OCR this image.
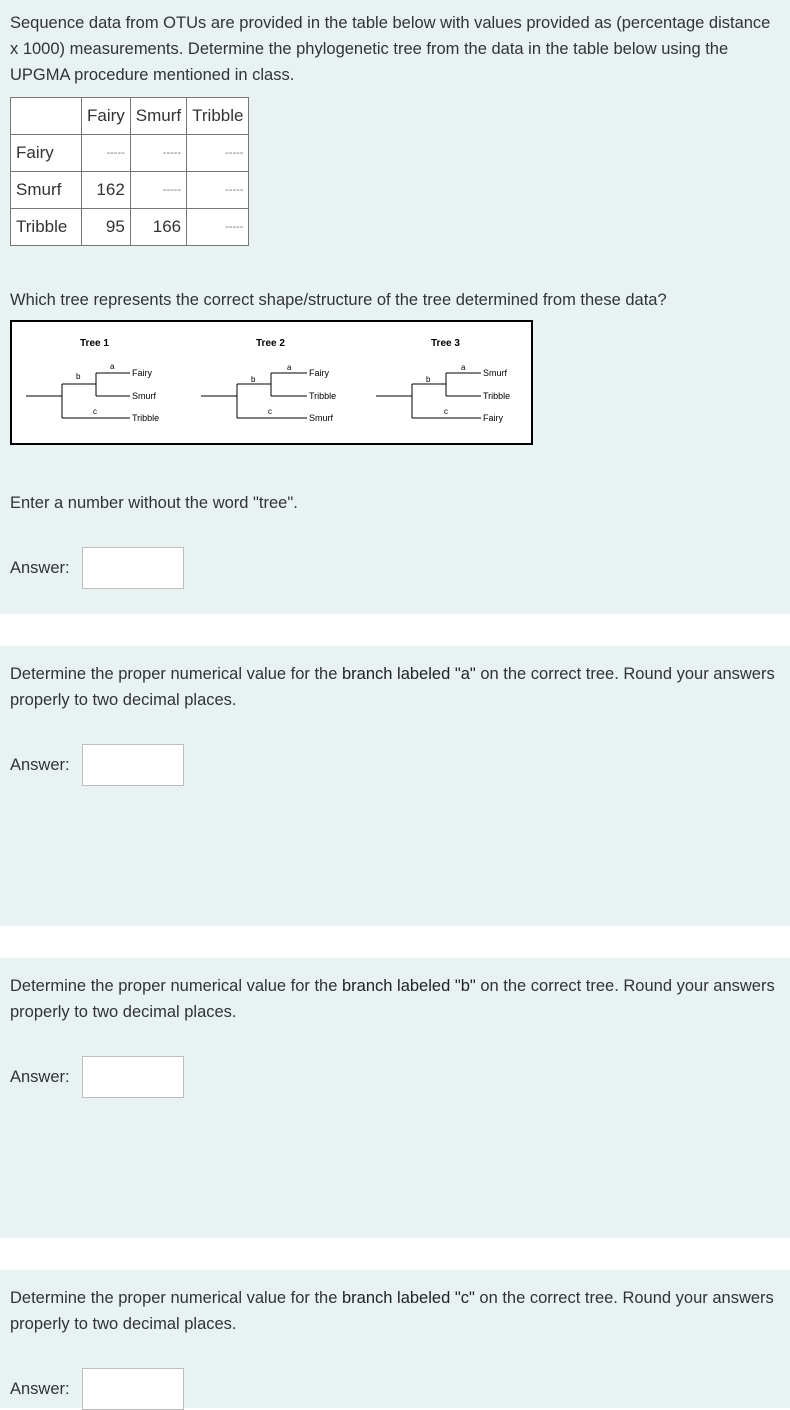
Sequence data from OTUs are provided in the table below with values provided as (percentage distance x 1000) measurements. Determine the phylogenetic tree from the data in the table below using the UPGMA procedure mentioned in class.

	Fairy	Smurf	Tribble
Fairy	-----	-----	-----
Smurf	162	-----	-----
Tribble	95	166	-----

Which tree represents the correct shape/structure of the tree determined from these data?

Tree 1
b
a
c
Fairy
Smurf
Tribble
Tree 2
b
a
c
Fairy
Tribble
Smurf
Tree 3
b
a
c
Smurf
Tribble
Fairy

Enter a number without the word "tree".

Answer:

Determine the proper numerical value for the branch labeled "a" on the correct tree. Round your answers properly to two decimal places.

Answer:

Determine the proper numerical value for the branch labeled "b" on the correct tree. Round your answers properly to two decimal places.

Answer:

Determine the proper numerical value for the branch labeled "c" on the correct tree. Round your answers properly to two decimal places.

Answer:
